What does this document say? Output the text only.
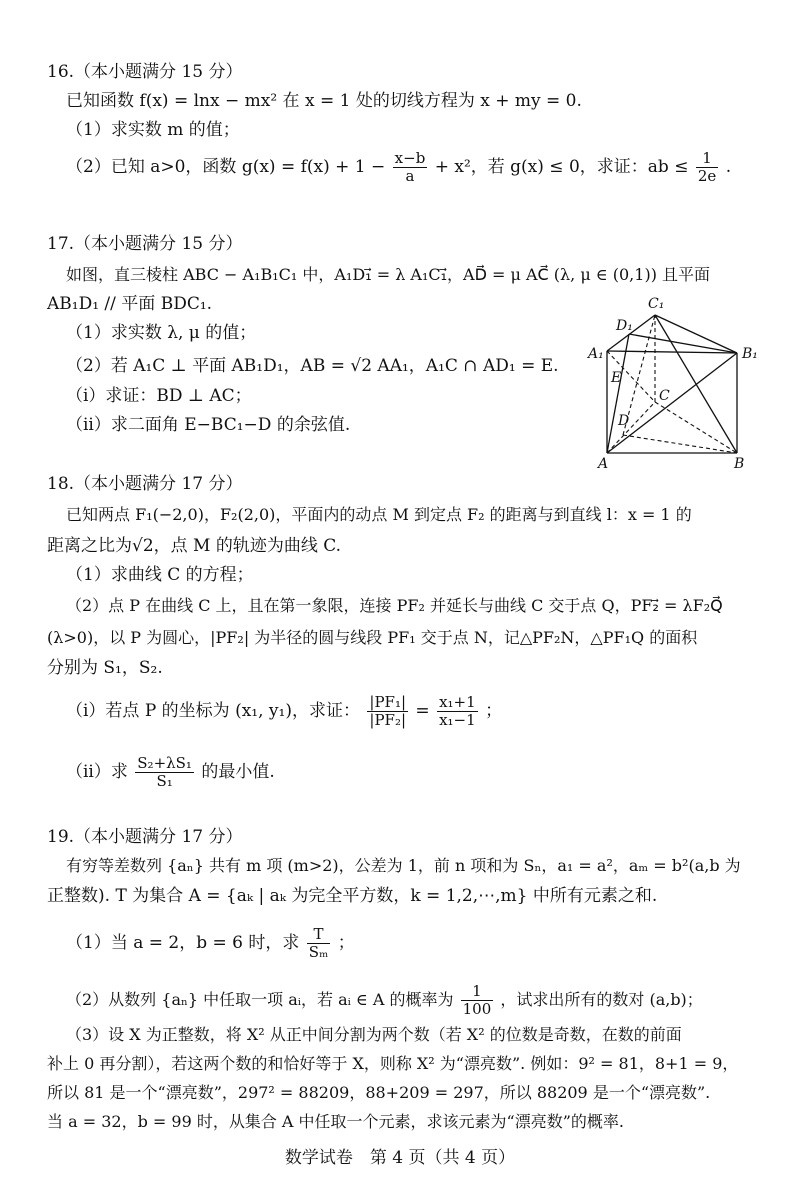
16.（本小题满分 15 分）
已知函数 f(x) = lnx − mx² 在 x = 1 处的切线方程为 x + my = 0.
（1）求实数 m 的值；
（2）已知 a>0，函数 $g(x) = f(x) + 1 - \frac{x-b}{a} + x^2$，若 g(x) ≤ 0，求证：ab ≤ $\frac{1}{2e}$ .
17.（本小题满分 15 分）
如图，直三棱柱 ABC − A₁B₁C₁ 中，A₁D₁⃗ = λ A₁C₁⃗，AD⃗ = μ AC⃗ (λ, μ ∈ (0,1)) 且平面
AB₁D₁ // 平面 BDC₁.
（1）求实数 λ, μ 的值；
（2）若 A₁C ⊥ 平面 AB₁D₁，AB = √2 AA₁，A₁C ∩ AD₁ = E.
（i）求证：BD ⊥ AC；
（ii）求二面角 E−BC₁−D 的余弦值.
C₁
D₁
A₁	B₁
E
C
D
A	B
18.（本小题满分 17 分）
已知两点 F₁(−2,0)，F₂(2,0)，平面内的动点 M 到定点 F₂ 的距离与到直线 l：x = 1 的
距离之比为√2，点 M 的轨迹为曲线 C.
（1）求曲线 C 的方程；
（2）点 P 在曲线 C 上，且在第一象限，连接 PF₂ 并延长与曲线 C 交于点 Q，PF₂⃗ = λF₂Q⃗
(λ>0)，以 P 为圆心，|PF₂| 为半径的圆与线段 PF₁ 交于点 N，记△PF₂N，△PF₁Q 的面积
分别为 S₁，S₂.
（i）若点 P 的坐标为 (x₁, y₁)，求证： $\frac{\text{|PF₁|}}{\text{|PF₂|}} = \frac{\text{x₁+1}}{\text{x₁−1}}$ ；
（ii）求 $\frac{\text{S₂+λS₁}}{\text{S₁}}$ 的最小值.
19.（本小题满分 17 分）
有穷等差数列 {aₙ} 共有 m 项 (m>2)，公差为 1，前 n 项和为 Sₙ，a₁ = a²，aₘ = b²(a,b 为
正整数). T 为集合 A = {aₖ | aₖ 为完全平方数，k = 1,2,⋯,m} 中所有元素之和.
（1）当 a = 2，b = 6 时，求 $\frac{T}{\text{Sₘ}}$ ；
（2）从数列 {aₙ} 中任取一项 aᵢ，若 aᵢ ∈ A 的概率为 $\frac{1}{100}$ ，试求出所有的数对 (a,b)；
（3）设 X 为正整数，将 X² 从正中间分割为两个数（若 X² 的位数是奇数，在数的前面
补上 0 再分割），若这两个数的和恰好等于 X，则称 X² 为“漂亮数”. 例如：9² = 81，8+1 = 9，
所以 81 是一个“漂亮数”，297² = 88209，88+209 = 297，所以 88209 是一个“漂亮数”.
当 a = 32，b = 99 时，从集合 A 中任取一个元素，求该元素为“漂亮数”的概率.
数学试卷　第 4 页（共 4 页）
